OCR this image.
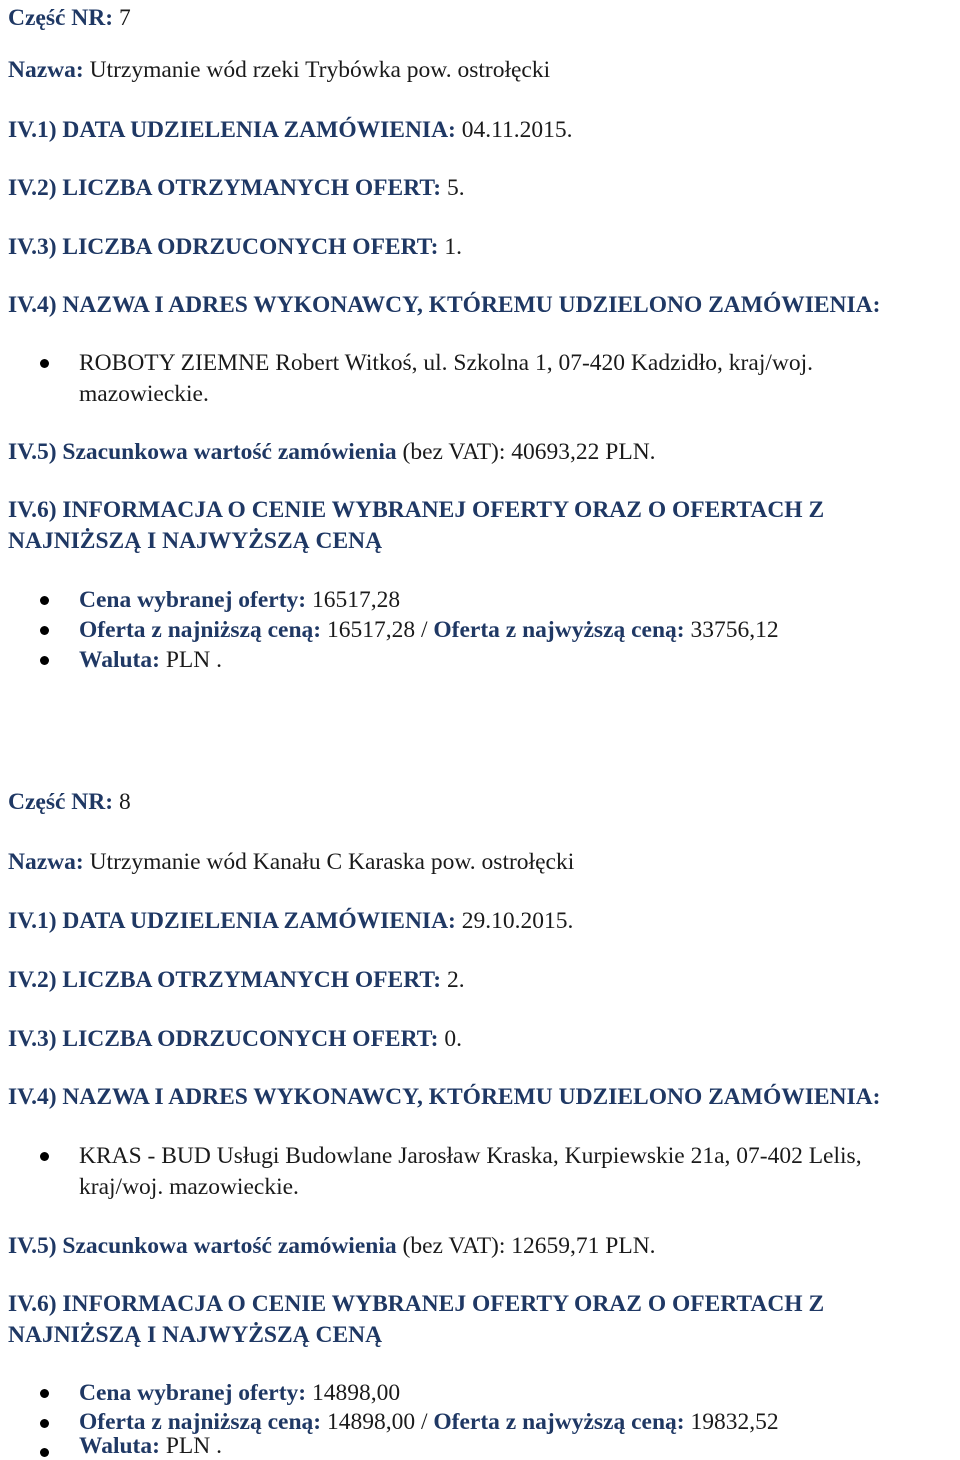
Część NR: 7
Nazwa: Utrzymanie wód rzeki Trybówka pow. ostrołęcki
IV.1) DATA UDZIELENIA ZAMÓWIENIA: 04.11.2015.
IV.2) LICZBA OTRZYMANYCH OFERT: 5.
IV.3) LICZBA ODRZUCONYCH OFERT: 1.
IV.4) NAZWA I ADRES WYKONAWCY, KTÓREMU UDZIELONO ZAMÓWIENIA:
ROBOTY ZIEMNE Robert Witkoś, ul. Szkolna 1, 07-420 Kadzidło, kraj/woj.
mazowieckie.
IV.5) Szacunkowa wartość zamówienia (bez VAT): 40693,22 PLN.
IV.6) INFORMACJA O CENIE WYBRANEJ OFERTY ORAZ O OFERTACH Z
NAJNIŻSZĄ I NAJWYŻSZĄ CENĄ
Cena wybranej oferty: 16517,28
Oferta z najniższą ceną: 16517,28 / Oferta z najwyższą ceną: 33756,12
Waluta: PLN .
Część NR: 8
Nazwa: Utrzymanie wód Kanału C Karaska pow. ostrołęcki
IV.1) DATA UDZIELENIA ZAMÓWIENIA: 29.10.2015.
IV.2) LICZBA OTRZYMANYCH OFERT: 2.
IV.3) LICZBA ODRZUCONYCH OFERT: 0.
IV.4) NAZWA I ADRES WYKONAWCY, KTÓREMU UDZIELONO ZAMÓWIENIA:
KRAS - BUD Usługi Budowlane Jarosław Kraska, Kurpiewskie 21a, 07-402 Lelis,
kraj/woj. mazowieckie.
IV.5) Szacunkowa wartość zamówienia (bez VAT): 12659,71 PLN.
IV.6) INFORMACJA O CENIE WYBRANEJ OFERTY ORAZ O OFERTACH Z
NAJNIŻSZĄ I NAJWYŻSZĄ CENĄ
Cena wybranej oferty: 14898,00
Oferta z najniższą ceną: 14898,00 / Oferta z najwyższą ceną: 19832,52
Waluta: PLN .
